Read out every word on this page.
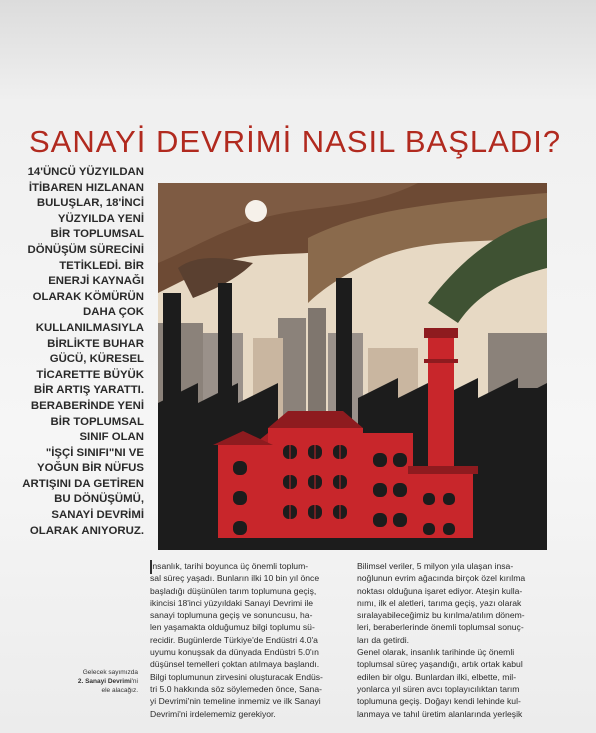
SANAYİ DEVRİMİ NASIL BAŞLADI?
14'ÜNCÜ YÜZYILDAN
İTİBAREN HIZLANAN
BULUŞLAR, 18'İNCİ
YÜZYILDA YENİ
BİR TOPLUMSAL
DÖNÜŞÜM SÜRECİNİ
TETİKLEDİ. BİR
ENERJİ KAYNAĞI
OLARAK KÖMÜRÜN
DAHA ÇOK
KULLANILMASIYLA
BİRLİKTE BUHAR
GÜCÜ, KÜRESEL
TİCARETTE BÜYÜK
BİR ARTIŞ YARATTI.
BERABERİNDE YENİ
BİR TOPLUMSAL
SINIF OLAN
"İŞÇİ SINIFI"NI VE
YOĞUN BİR NÜFUS
ARTIŞINI DA GETİREN
BU DÖNÜŞÜMÜ,
SANAYİ DEVRİMİ
OLARAK ANIYORUZ.
İnsanlık, tarihi boyunca üç önemli toplum-
sal süreç yaşadı. Bunların ilki 10 bin yıl önce
başladığı düşünülen tarım toplumuna geçiş,
ikincisi 18'inci yüzyıldaki Sanayi Devrimi ile
sanayi toplumuna geçiş ve sonuncusu, ha-
len yaşamakta olduğumuz bilgi toplumu sü-
recidir. Bugünlerde Türkiye'de Endüstri 4.0'a
uyumu konuşsak da dünyada Endüstri 5.0'ın
düşünsel temelleri çoktan atılmaya başlandı.
Bilgi toplumunun zirvesini oluşturacak Endüs-
tri 5.0 hakkında söz söylemeden önce, Sana-
yi Devrimi'nin temeline inmemiz ve ilk Sanayi
Devrimi'ni irdelememiz gerekiyor.
Bilimsel veriler, 5 milyon yıla ulaşan insa-
noğlunun evrim ağacında birçok özel kırılma
noktası olduğuna işaret ediyor. Ateşin kulla-
nımı, ilk el aletleri, tarıma geçiş, yazı olarak
sıralayabileceğimiz bu kırılma/atılım dönem-
leri, beraberlerinde önemli toplumsal sonuç-
ları da getirdi.
Genel olarak, insanlık tarihinde üç önemli
toplumsal süreç yaşandığı, artık ortak kabul
edilen bir olgu. Bunlardan ilki, elbette, mil-
yonlarca yıl süren avcı toplayıcılıktan tarım
toplumuna geçiş. Doğayı kendi lehinde kul-
lanmaya ve tahıl üretim alanlarında yerleşik
Gelecek sayımızda
2. Sanayi Devrimi'ni
ele alacağız.
